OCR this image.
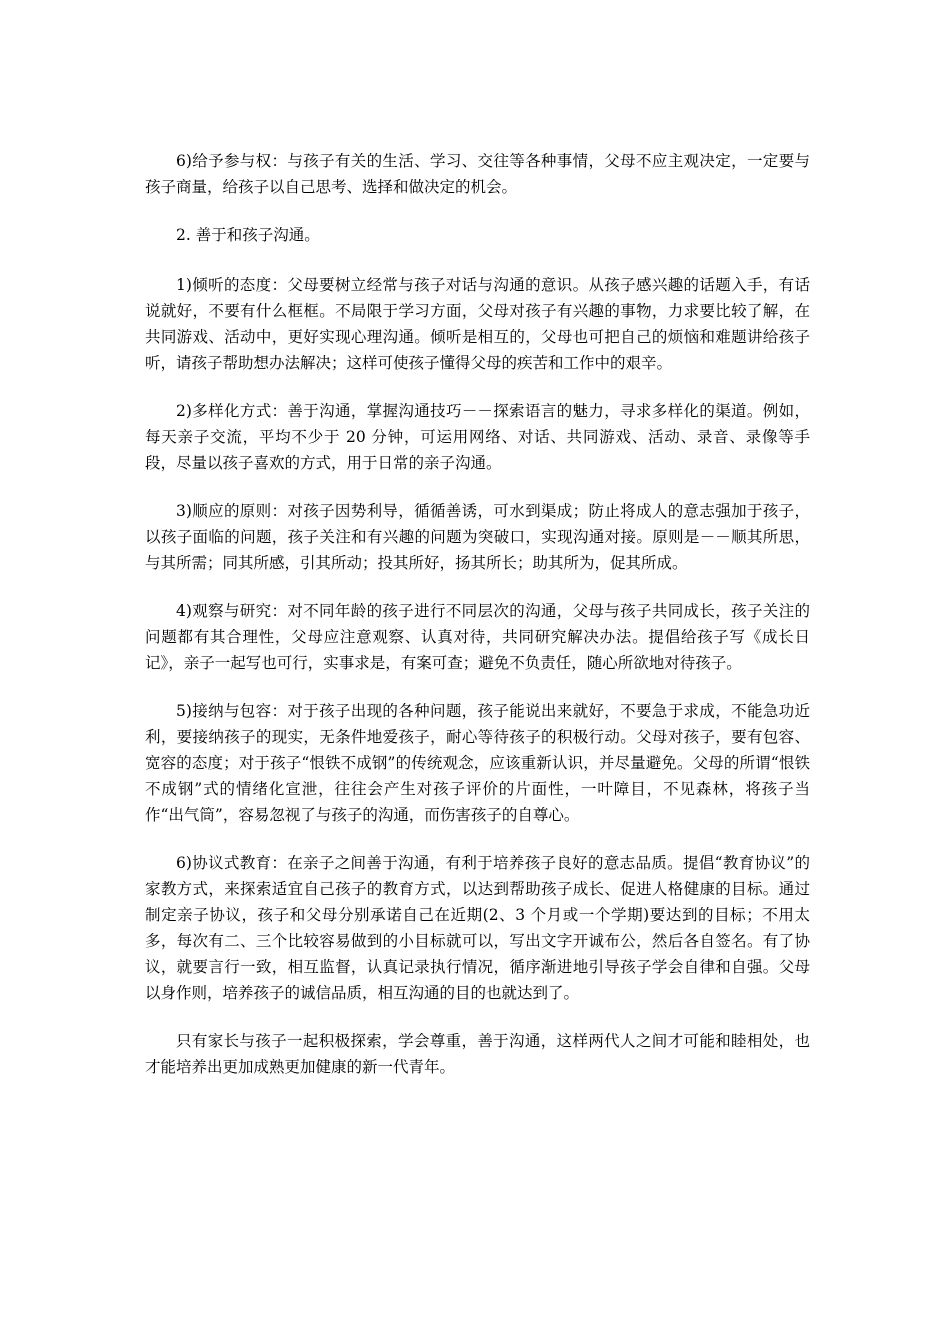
6)给予参与权：与孩子有关的生活、学习、交往等各种事情，父母不应主观决定，一定要与孩子商量，给孩子以自己思考、选择和做决定的机会。

2. 善于和孩子沟通。

1)倾听的态度：父母要树立经常与孩子对话与沟通的意识。从孩子感兴趣的话题入手，有话说就好，不要有什么框框。不局限于学习方面，父母对孩子有兴趣的事物，力求要比较了解，在共同游戏、活动中，更好实现心理沟通。倾听是相互的，父母也可把自己的烦恼和难题讲给孩子听，请孩子帮助想办法解决；这样可使孩子懂得父母的疾苦和工作中的艰辛。

2)多样化方式：善于沟通，掌握沟通技巧－－探索语言的魅力，寻求多样化的渠道。例如，每天亲子交流，平均不少于 20 分钟，可运用网络、对话、共同游戏、活动、录音、录像等手段，尽量以孩子喜欢的方式，用于日常的亲子沟通。

3)顺应的原则：对孩子因势利导，循循善诱，可水到渠成；防止将成人的意志强加于孩子，以孩子面临的问题，孩子关注和有兴趣的问题为突破口，实现沟通对接。原则是－－顺其所思，与其所需；同其所感，引其所动；投其所好，扬其所长；助其所为，促其所成。

4)观察与研究：对不同年龄的孩子进行不同层次的沟通，父母与孩子共同成长，孩子关注的问题都有其合理性，父母应注意观察、认真对待，共同研究解决办法。提倡给孩子写《成长日记》，亲子一起写也可行，实事求是，有案可查；避免不负责任，随心所欲地对待孩子。

5)接纳与包容：对于孩子出现的各种问题，孩子能说出来就好，不要急于求成，不能急功近利，要接纳孩子的现实，无条件地爱孩子，耐心等待孩子的积极行动。父母对孩子，要有包容、宽容的态度；对于孩子“恨铁不成钢”的传统观念，应该重新认识，并尽量避免。父母的所谓“恨铁不成钢”式的情绪化宣泄，往往会产生对孩子评价的片面性，一叶障目，不见森林，将孩子当作“出气筒”，容易忽视了与孩子的沟通，而伤害孩子的自尊心。

6)协议式教育：在亲子之间善于沟通，有利于培养孩子良好的意志品质。提倡“教育协议”的家教方式，来探索适宜自己孩子的教育方式，以达到帮助孩子成长、促进人格健康的目标。通过制定亲子协议，孩子和父母分别承诺自己在近期(2、3 个月或一个学期)要达到的目标；不用太多，每次有二、三个比较容易做到的小目标就可以，写出文字开诚布公，然后各自签名。有了协议，就要言行一致，相互监督，认真记录执行情况，循序渐进地引导孩子学会自律和自强。父母以身作则，培养孩子的诚信品质，相互沟通的目的也就达到了。

只有家长与孩子一起积极探索，学会尊重，善于沟通，这样两代人之间才可能和睦相处，也才能培养出更加成熟更加健康的新一代青年。
